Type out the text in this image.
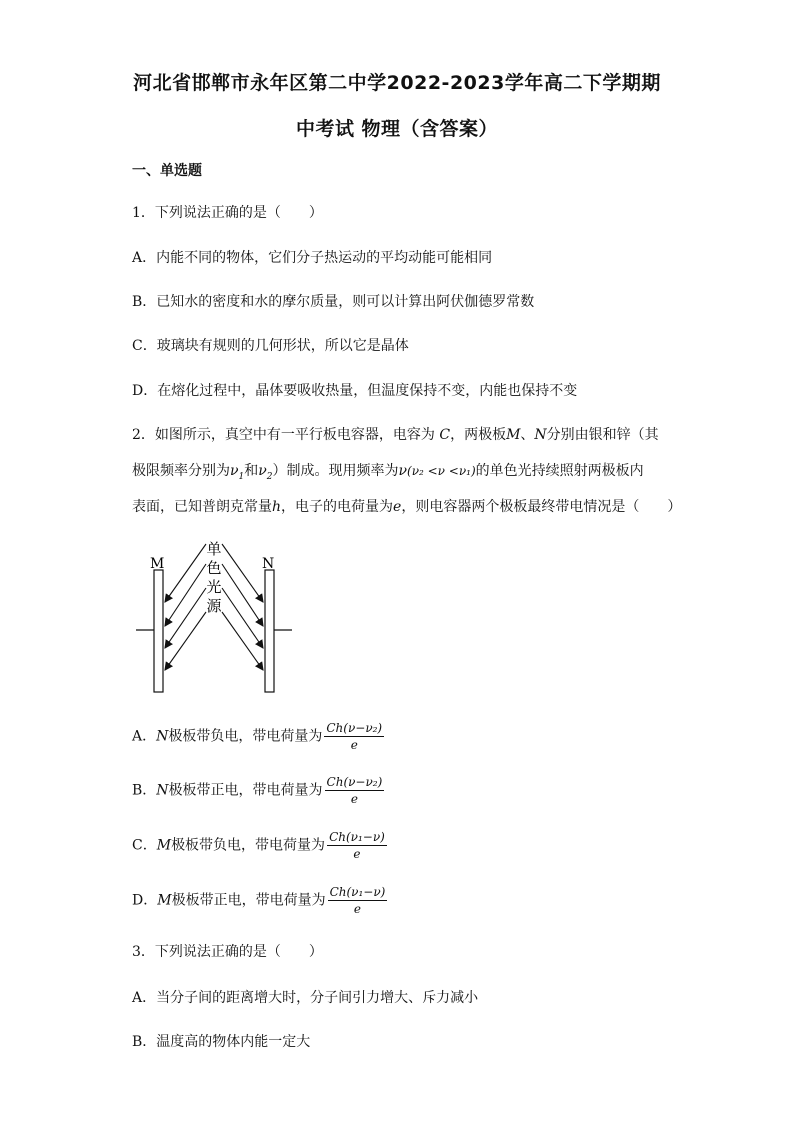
河北省邯郸市永年区第二中学2022-2023学年高二下学期期
中考试 物理（含答案）
一、单选题
1．下列说法正确的是（　　）
A．内能不同的物体，它们分子热运动的平均动能可能相同
B．已知水的密度和水的摩尔质量，则可以计算出阿伏伽德罗常数
C．玻璃块有规则的几何形状，所以它是晶体
D．在熔化过程中，晶体要吸收热量，但温度保持不变，内能也保持不变
2．如图所示，真空中有一平行板电容器，电容为 C，两极板M、N分别由银和锌（其
极限频率分别为$\nu_1$和$\nu_2$）制成。现用频率为ν(ν₂ <ν <ν₁)的单色光持续照射两极板内
表面，已知普朗克常量h，电子的电荷量为e，则电容器两个极板最终带电情况是（　　）
M	N
单
色
光
源
A．N极板带负电，带电荷量为 $\frac{\text{Ch(ν−ν₂)}}{e}$
B．N极板带正电，带电荷量为 $\frac{\text{Ch(ν−ν₂)}}{e}$
C．M极板带负电，带电荷量为 $\frac{\text{Ch(ν₁−ν)}}{e}$
D．M极板带正电，带电荷量为 $\frac{\text{Ch(ν₁−ν)}}{e}$
3．下列说法正确的是（　　）
A．当分子间的距离增大时，分子间引力增大、斥力减小
B．温度高的物体内能一定大
